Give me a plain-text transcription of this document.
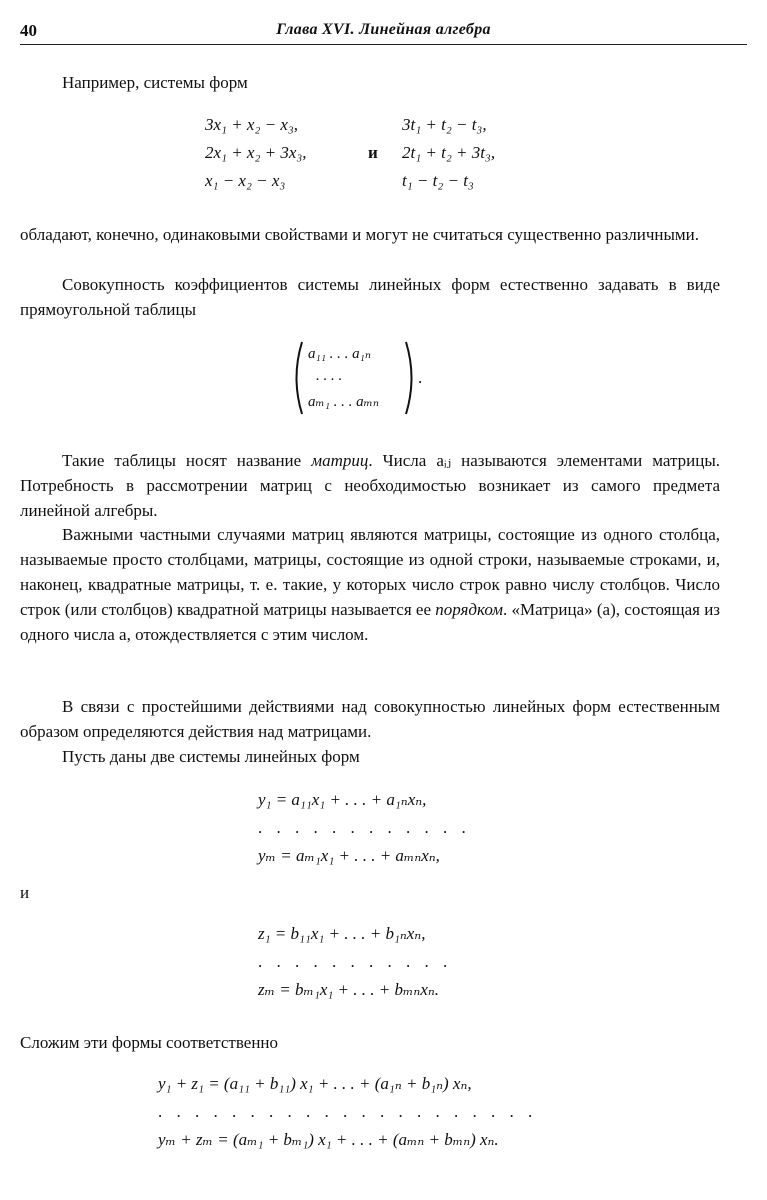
40	Глава XVI. Линейная алгебра
Например, системы форм
3x₁ + x₂ − x₃,
2x₁ + x₂ + 3x₃,
x₁ − x₂ − x₃
и
3t₁ + t₂ − t₃,
2t₁ + t₂ + 3t₃,
t₁ − t₂ − t₃
обладают, конечно, одинаковыми свойствами и могут не считаться существенно различными.
Совокупность коэффициентов системы линейных форм естественно задавать в виде прямоугольной таблицы
a₁₁ . . . a₁ₙ
. . . .
aₘ₁ . . . aₘₙ
.
Такие таблицы носят название матриц. Числа aᵢⱼ называются элементами матрицы. Потребность в рассмотрении матриц с необходимостью возникает из самого предмета линейной алгебры.
Важными частными случаями матриц являются матрицы, состоящие из одного столбца, называемые просто столбцами, матрицы, состоящие из одной строки, называемые строками, и, наконец, квадратные матрицы, т. е. такие, у которых число строк равно числу столбцов. Число строк (или столбцов) квадратной матрицы называется ее порядком. «Матрица» (a), состоящая из одного числа a, отождествляется с этим числом.
В связи с простейшими действиями над совокупностью линейных форм естественным образом определяются действия над матрицами.
Пусть даны две системы линейных форм
y₁ = a₁₁x₁ + . . . + a₁ₙxₙ,
. . . . . . . . . . . .
yₘ = aₘ₁x₁ + . . . + aₘₙxₙ,
и
z₁ = b₁₁x₁ + . . . + b₁ₙxₙ,
. . . . . . . . . . .
zₘ = bₘ₁x₁ + . . . + bₘₙxₙ.
Сложим эти формы соответственно
y₁ + z₁ = (a₁₁ + b₁₁) x₁ + . . . + (a₁ₙ + b₁ₙ) xₙ,
. . . . . . . . . . . . . . . . . . . . .
yₘ + zₘ = (aₘ₁ + bₘ₁) x₁ + . . . + (aₘₙ + bₘₙ) xₙ.
